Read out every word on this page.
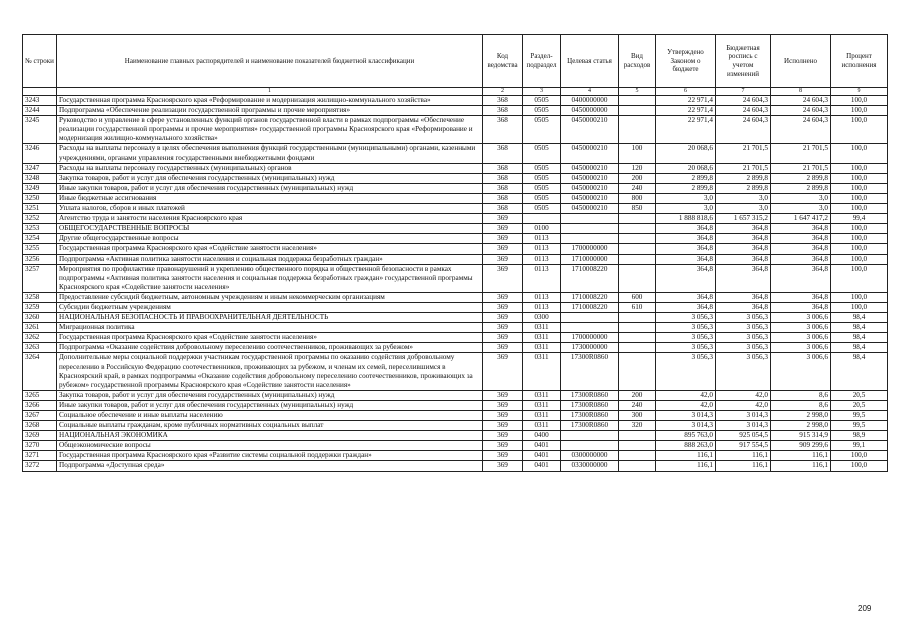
№ строки	Наименование главных распорядителей и наименование показателей бюджетной классификации	Код ведомства	Раздел-подраздел	Целевая статья	Вид расходов	Утверждено Законом о бюджете	Бюджетная роспись с учетом изменений	Исполнено	Процент исполнения
	1	2	3	4	5	6	7	8	9
3243	Государственная программа Красноярского края «Реформирование и модернизация жилищно-коммунального хозяйства»	368	0505	0400000000		22 971,4	24 604,3	24 604,3	100,0
3244	Подпрограмма «Обеспечение реализации государственной программы и прочие мероприятия»	368	0505	0450000000		22 971,4	24 604,3	24 604,3	100,0
3245	Руководство и управление в сфере установленных функций органов государственной власти в рамках подпрограммы «Обеспечение реализации государственной программы и прочие мероприятия» государственной программы Красноярского края «Реформирование и модернизация жилищно-коммунального хозяйства»	368	0505	0450000210		22 971,4	24 604,3	24 604,3	100,0
3246	Расходы на выплаты персоналу в целях обеспечения выполнения функций государственными (муниципальными) органами, казенными учреждениями, органами управления государственными внебюджетными фондами	368	0505	0450000210	100	20 068,6	21 701,5	21 701,5	100,0
3247	Расходы на выплаты персоналу государственных (муниципальных) органов	368	0505	0450000210	120	20 068,6	21 701,5	21 701,5	100,0
3248	Закупка товаров, работ и услуг для обеспечения государственных (муниципальных) нужд	368	0505	0450000210	200	2 899,8	2 899,8	2 899,8	100,0
3249	Иные закупки товаров, работ и услуг для обеспечения государственных (муниципальных) нужд	368	0505	0450000210	240	2 899,8	2 899,8	2 899,8	100,0
3250	Иные бюджетные ассигнования	368	0505	0450000210	800	3,0	3,0	3,0	100,0
3251	Уплата налогов, сборов и иных платежей	368	0505	0450000210	850	3,0	3,0	3,0	100,0
3252	Агентство труда и занятости населения Красноярского края	369				1 888 818,6	1 657 315,2	1 647 417,2	99,4
3253	ОБЩЕГОСУДАРСТВЕННЫЕ ВОПРОСЫ	369	0100			364,8	364,8	364,8	100,0
3254	Другие общегосударственные вопросы	369	0113			364,8	364,8	364,8	100,0
3255	Государственная программа Красноярского края «Содействие занятости населения»	369	0113	1700000000		364,8	364,8	364,8	100,0
3256	Подпрограмма «Активная политика занятости населения и социальная поддержка безработных граждан»	369	0113	1710000000		364,8	364,8	364,8	100,0
3257	Мероприятия по профилактике правонарушений и укреплению общественного порядка и общественной безопасности в рамках подпрограммы «Активная политика занятости населения и социальная поддержка безработных граждан» государственной программы Красноярского края «Содействие занятости населения»	369	0113	1710008220		364,8	364,8	364,8	100,0
3258	Предоставление субсидий бюджетным, автономным учреждениям и иным некоммерческим организациям	369	0113	1710008220	600	364,8	364,8	364,8	100,0
3259	Субсидии бюджетным учреждениям	369	0113	1710008220	610	364,8	364,8	364,8	100,0
3260	НАЦИОНАЛЬНАЯ БЕЗОПАСНОСТЬ И ПРАВООХРАНИТЕЛЬНАЯ ДЕЯТЕЛЬНОСТЬ	369	0300			3 056,3	3 056,3	3 006,6	98,4
3261	Миграционная политика	369	0311			3 056,3	3 056,3	3 006,6	98,4
3262	Государственная программа Красноярского края «Содействие занятости населения»	369	0311	1700000000		3 056,3	3 056,3	3 006,6	98,4
3263	Подпрограмма «Оказание содействия добровольному переселению соотечественников, проживающих за рубежом»	369	0311	1730000000		3 056,3	3 056,3	3 006,6	98,4
3264	Дополнительные меры социальной поддержки участникам государственной программы по оказанию содействия добровольному переселению в Российскую Федерацию соотечественников, проживающих за рубежом, и членам их семей, переселившимся в Красноярский край, в рамках подпрограммы «Оказание содействия добровольному переселению соотечественников, проживающих за рубежом» государственной программы Красноярского края «Содействие занятости населения»	369	0311	17300R0860		3 056,3	3 056,3	3 006,6	98,4
3265	Закупка товаров, работ и услуг для обеспечения государственных (муниципальных) нужд	369	0311	17300R0860	200	42,0	42,0	8,6	20,5
3266	Иные закупки товаров, работ и услуг для обеспечения государственных (муниципальных) нужд	369	0311	17300R0860	240	42,0	42,0	8,6	20,5
3267	Социальное обеспечение и иные выплаты населению	369	0311	17300R0860	300	3 014,3	3 014,3	2 998,0	99,5
3268	Социальные выплаты гражданам, кроме публичных нормативных социальных выплат	369	0311	17300R0860	320	3 014,3	3 014,3	2 998,0	99,5
3269	НАЦИОНАЛЬНАЯ ЭКОНОМИКА	369	0400			895 763,0	925 054,5	915 314,9	98,9
3270	Общеэкономические вопросы	369	0401			888 263,0	917 554,5	909 299,6	99,1
3271	Государственная программа Красноярского края «Развитие системы социальной поддержки граждан»	369	0401	0300000000		116,1	116,1	116,1	100,0
3272	Подпрограмма «Доступная среда»	369	0401	0330000000		116,1	116,1	116,1	100,0
209
